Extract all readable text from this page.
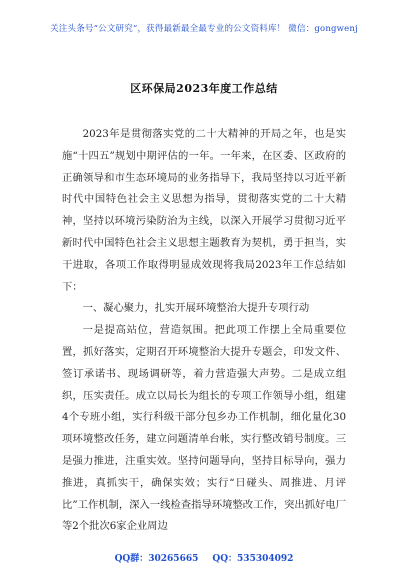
关注头条号“公文研究”，获得最新最全最专业的公文资料库！ 微信：gongwenj
区环保局2023年度工作总结

2023年是贯彻落实党的二十大精神的开局之年，也是实施“十四五”规划中期评估的一年。一年来，在区委、区政府的正确领导和市生态环境局的业务指导下，我局坚持以习近平新时代中国特色社会主义思想为指导，贯彻落实党的二十大精神，坚持以环境污染防治为主线，以深入开展学习贯彻习近平新时代中国特色社会主义思想主题教育为契机，勇于担当，实干进取，各项工作取得明显成效现将我局2023年工作总结如下：

一、凝心聚力，扎实开展环境整治大提升专项行动

一是提高站位，营造氛围。把此项工作摆上全局重要位置，抓好落实，定期召开环境整治大提升专题会，印发文件、签订承诺书、现场调研等，着力营造强大声势。二是成立组织，压实责任。成立以局长为组长的专项工作领导小组，组建4个专班小组，实行科级干部分包乡办工作机制，细化量化30项环境整改任务，建立问题清单台帐，实行整改销号制度。三是强力推进，注重实效。坚持问题导向，坚持目标导向，强力推进，真抓实干，确保实效；实行“日碰头、周推进、月评比”工作机制，深入一线检查指导环境整改工作，突出抓好电厂等2个批次6家企业周边

QQ群：30265665 QQ：535304092
